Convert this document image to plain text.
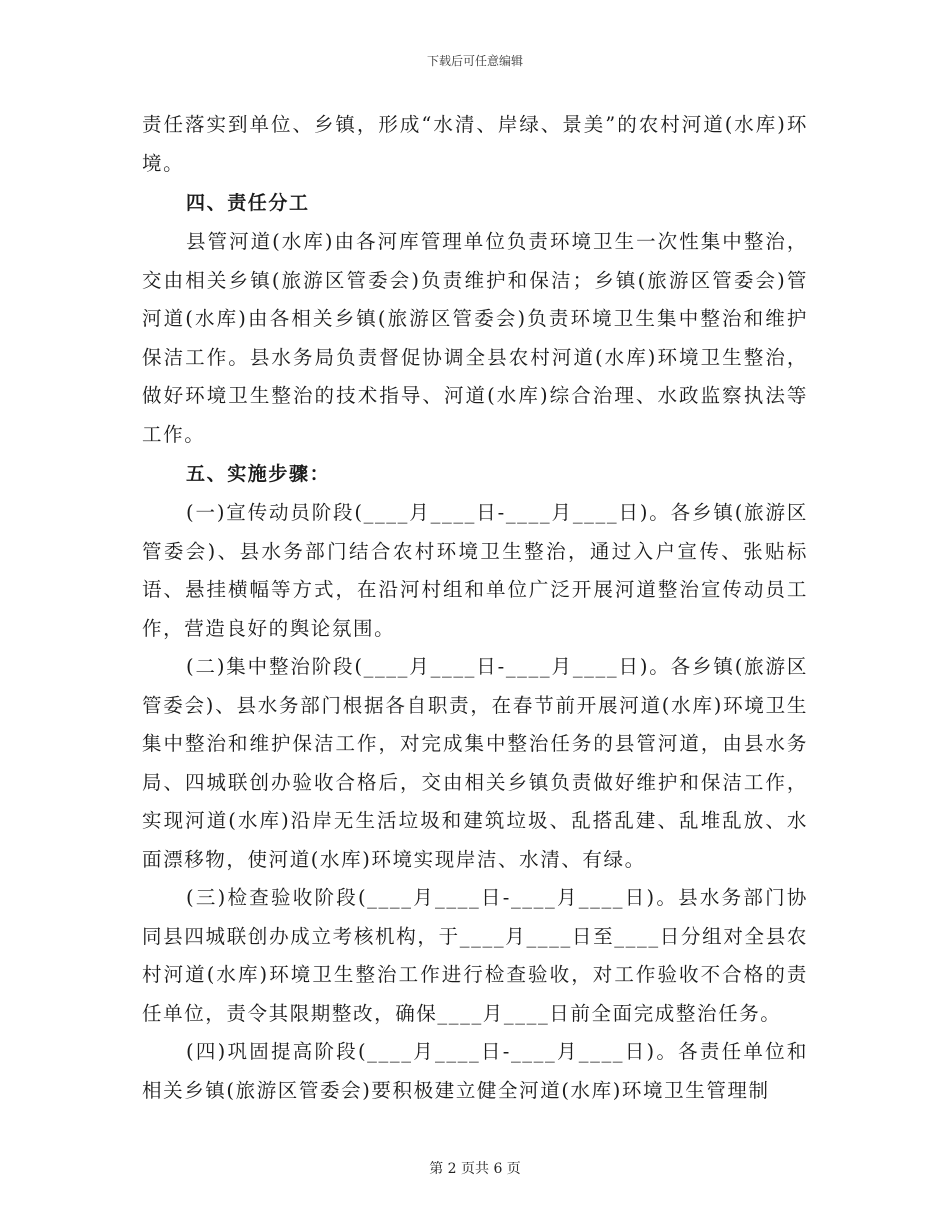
下载后可任意编辑

责任落实到单位、乡镇，形成“水清、岸绿、景美”的农村河道(水库)环境。

四、责任分工

县管河道(水库)由各河库管理单位负责环境卫生一次性集中整治，交由相关乡镇(旅游区管委会)负责维护和保洁；乡镇(旅游区管委会)管河道(水库)由各相关乡镇(旅游区管委会)负责环境卫生集中整治和维护保洁工作。县水务局负责督促协调全县农村河道(水库)环境卫生整治，做好环境卫生整治的技术指导、河道(水库)综合治理、水政监察执法等工作。

五、实施步骤：

(一)宣传动员阶段(____月____日-____月____日)。各乡镇(旅游区管委会)、县水务部门结合农村环境卫生整治，通过入户宣传、张贴标语、悬挂横幅等方式，在沿河村组和单位广泛开展河道整治宣传动员工作，营造良好的舆论氛围。

(二)集中整治阶段(____月____日-____月____日)。各乡镇(旅游区管委会)、县水务部门根据各自职责，在春节前开展河道(水库)环境卫生集中整治和维护保洁工作，对完成集中整治任务的县管河道，由县水务局、四城联创办验收合格后，交由相关乡镇负责做好维护和保洁工作，实现河道(水库)沿岸无生活垃圾和建筑垃圾、乱搭乱建、乱堆乱放、水面漂移物，使河道(水库)环境实现岸洁、水清、有绿。

(三)检查验收阶段(____月____日-____月____日)。县水务部门协同县四城联创办成立考核机构，于____月____日至____日分组对全县农村河道(水库)环境卫生整治工作进行检查验收，对工作验收不合格的责任单位，责令其限期整改，确保____月____日前全面完成整治任务。

(四)巩固提高阶段(____月____日-____月____日)。各责任单位和相关乡镇(旅游区管委会)要积极建立健全河道(水库)环境卫生管理制

第 2 页共 6 页
